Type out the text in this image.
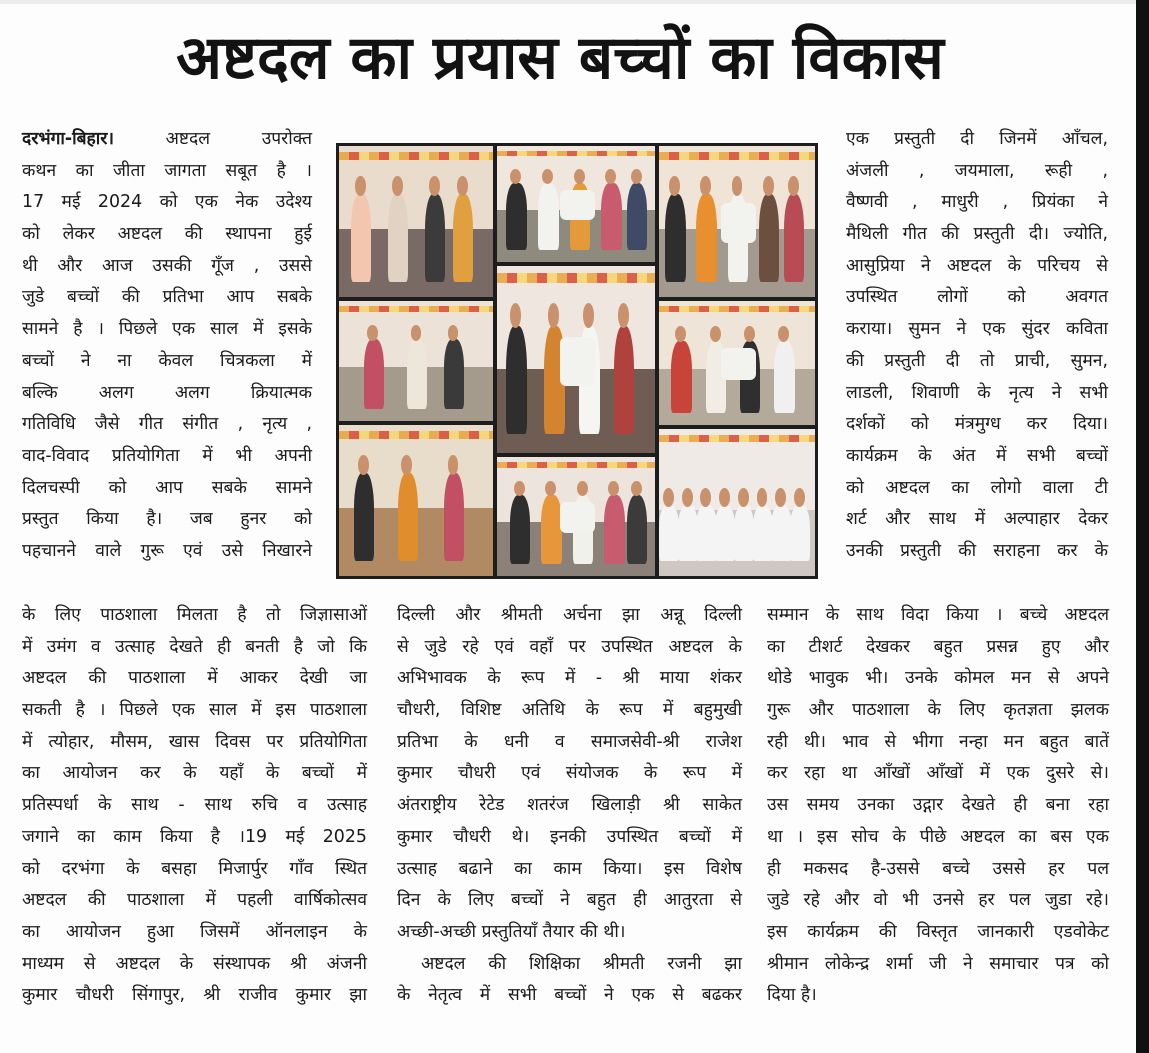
अष्टदल का प्रयास बच्चों का विकास
दरभंगा-बिहार। अष्टदल उपरोक्त
कथन का जीता जागता सबूत है ।
17 मई 2024 को एक नेक उदेश्य
को लेकर अष्टदल की स्थापना हुई
थी और आज उसकी गूँज , उससे
जुडे बच्चों की प्रतिभा आप सबके
सामने है । पिछले एक साल में इसके
बच्चों ने ना केवल चित्रकला में
बल्कि अलग अलग क्रियात्मक
गतिविधि जैसे गीत संगीत , नृत्य ,
वाद-विवाद प्रतियोगिता में भी अपनी
दिलचस्पी को आप सबके सामने
प्रस्तुत किया है। जब हुनर को
पहचानने वाले गुरू एवं उसे निखारने
एक प्रस्तुती दी जिनमें आँचल,
अंजली , जयमाला, रूही ,
वैष्णवी , माधुरी , प्रियंका ने
मैथिली गीत की प्रस्तुती दी। ज्योति,
आसुप्रिया ने अष्टदल के परिचय से
उपस्थित लोगों को अवगत
कराया। सुमन ने एक सुंदर कविता
की प्रस्तुती दी तो प्राची, सुमन,
लाडली, शिवाणी के नृत्य ने सभी
दर्शकों को मंत्रमुग्ध कर दिया।
कार्यक्रम के अंत में सभी बच्चों
को अष्टदल का लोगो वाला टी
शर्ट और साथ में अल्पाहार देकर
उनकी प्रस्तुती की सराहना कर के
के लिए पाठशाला मिलता है तो जिज्ञासाओं
में उमंग व उत्साह देखते ही बनती है जो कि
अष्टदल की पाठशाला में आकर देखी जा
सकती है । पिछले एक साल में इस पाठशाला
में त्योहार, मौसम, खास दिवस पर प्रतियोगिता
का आयोजन कर के यहाँ के बच्चों में
प्रतिस्पर्धा के साथ - साथ रुचि व उत्साह
जगाने का काम किया है ।19 मई 2025
को दरभंगा के बसहा मिजार्पुर गाँव स्थित
अष्टदल की पाठशाला में पहली वार्षिकोत्सव
का आयोजन हुआ जिसमें ऑनलाइन के
माध्यम से अष्टदल के संस्थापक श्री अंजनी
कुमार चौधरी सिंगापुर, श्री राजीव कुमार झा
दिल्ली और श्रीमती अर्चना झा अन्नू दिल्ली
से जुडे रहे एवं वहाँ पर उपस्थित अष्टदल के
अभिभावक के रूप में - श्री माया शंकर
चौधरी, विशिष्ट अतिथि के रूप में बहुमुखी
प्रतिभा के धनी व समाजसेवी-श्री राजेश
कुमार चौधरी एवं संयोजक के रूप में
अंतराष्ट्रीय रेटेड शतरंज खिलाड़ी श्री साकेत
कुमार चौधरी थे। इनकी उपस्थित बच्चों में
उत्साह बढाने का काम किया। इस विशेष
दिन के लिए बच्चों ने बहुत ही आतुरता से
अच्छी-अच्छी प्रस्तुतियाँ तैयार की थी।
अष्टदल की शिक्षिका श्रीमती रजनी झा
के नेतृत्व में सभी बच्चों ने एक से बढकर
सम्मान के साथ विदा किया । बच्चे अष्टदल
का टीशर्ट देखकर बहुत प्रसन्न हुए और
थोडे भावुक भी। उनके कोमल मन से अपने
गुरू और पाठशाला के लिए कृतज्ञता झलक
रही थी। भाव से भीगा नन्हा मन बहुत बातें
कर रहा था आँखों आँखों में एक दुसरे से।
उस समय उनका उद्गार देखते ही बना रहा
था । इस सोच के पीछे अष्टदल का बस एक
ही मकसद है-उससे बच्चे उससे हर पल
जुडे रहे और वो भी उनसे हर पल जुडा रहे।
इस कार्यक्रम की विस्तृत जानकारी एडवोकेट
श्रीमान लोकेन्द्र शर्मा जी ने समाचार पत्र को
दिया है।
